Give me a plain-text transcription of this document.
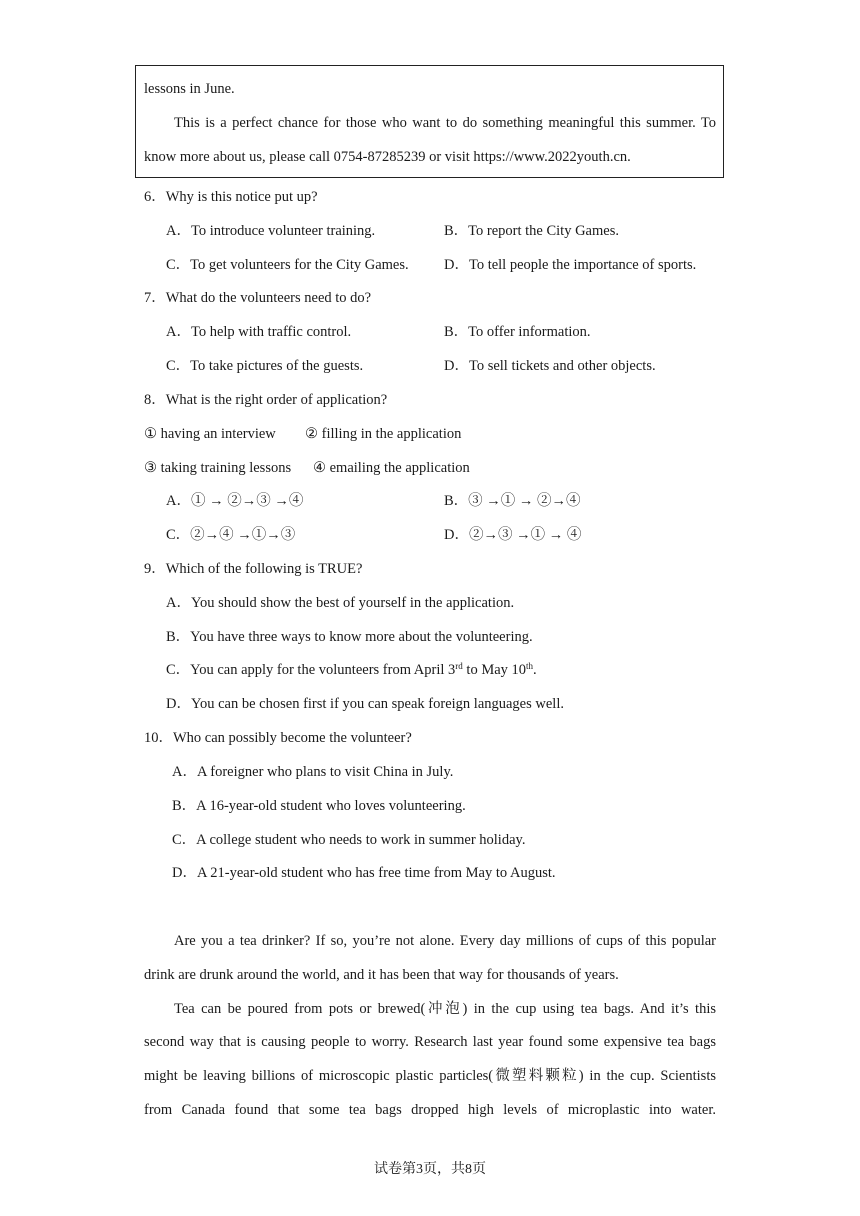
lessons in June.
This is a perfect chance for those who want to do something meaningful this summer. To
know more about us, please call 0754-87285239 or visit https://www.2022youth.cn.
6．Why is this notice put up?
A．To introduce volunteer training.	B．To report the City Games.
C．To get volunteers for the City Games. D．To tell people the importance of sports.
7．What do the volunteers need to do?
A．To help with traffic control.	B．To offer information.
C．To take pictures of the guests.	D．To sell tickets and other objects.
8．What is the right order of application?
① having an interview ② filling in the application
③ taking training lessons ④ emailing the application
A．① → ②→③ →④	B．③ →① → ②→④
C．②→④ →①→③	D．②→③ →① → ④
9．Which of the following is TRUE?
A．You should show the best of yourself in the application.
B．You have three ways to know more about the volunteering.
C．You can apply for the volunteers from April 3rd to May 10th.
D．You can be chosen first if you can speak foreign languages well.
10．Who can possibly become the volunteer?
A．A foreigner who plans to visit China in July.
B．A 16-year-old student who loves volunteering.
C．A college student who needs to work in summer holiday.
D．A 21-year-old student who has free time from May to August.
Are you a tea drinker? If so, you’re not alone. Every day millions of cups of this popular
drink are drunk around the world, and it has been that way for thousands of years.
Tea can be poured from pots or brewed(冲泡) in the cup using tea bags. And it’s this
second way that is causing people to worry. Research last year found some expensive tea bags
might be leaving billions of microscopic plastic particles(微塑料颗粒) in the cup. Scientists
from Canada found that some tea bags dropped high levels of microplastic into water.
试卷第3页，共8页
